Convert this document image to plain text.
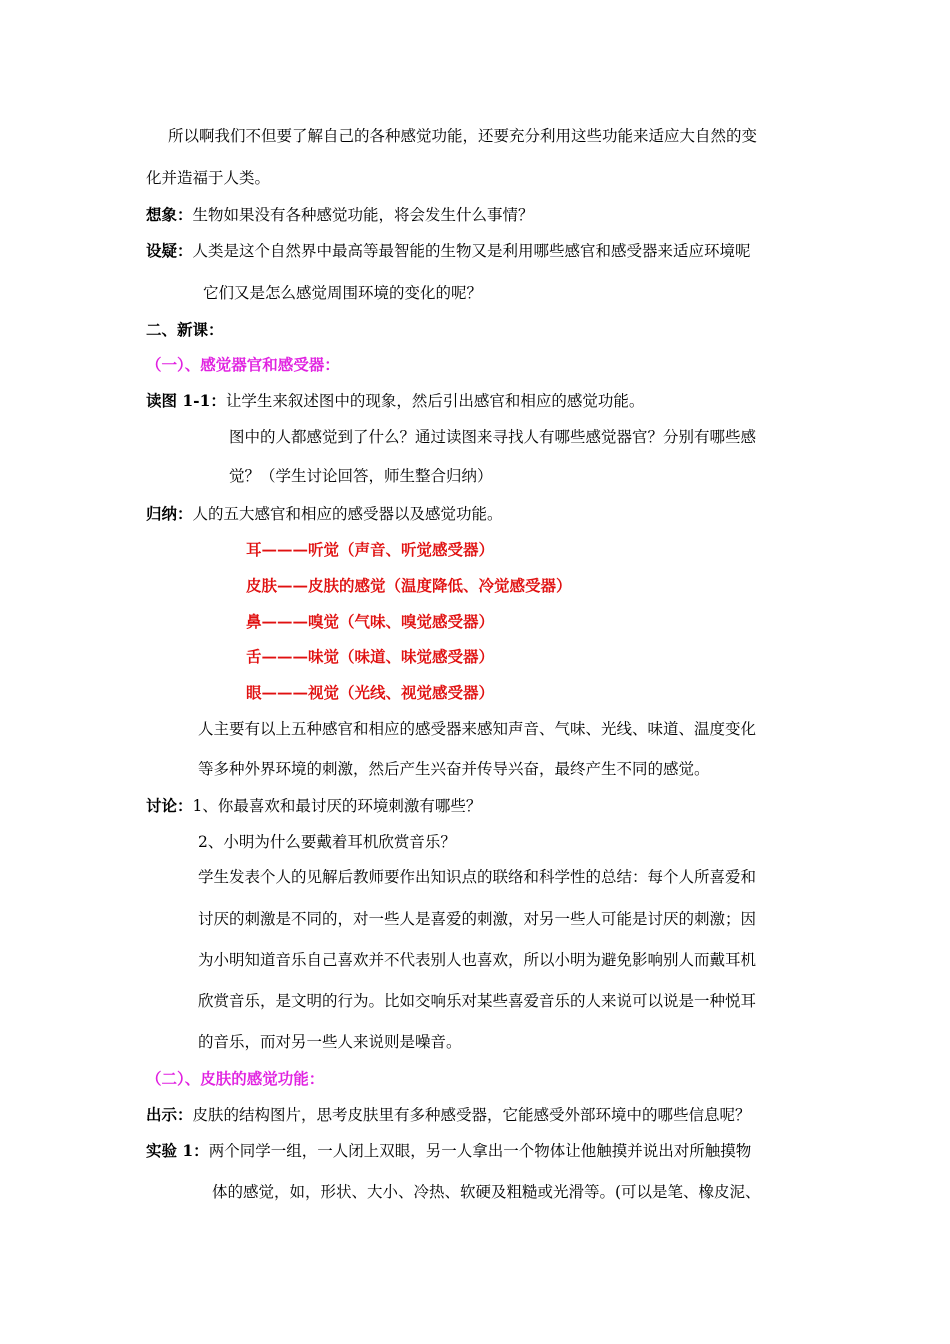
所以啊我们不但要了解自己的各种感觉功能，还要充分利用这些功能来适应大自然的变
化并造福于人类。
想象：生物如果没有各种感觉功能，将会发生什么事情？
设疑：人类是这个自然界中最高等最智能的生物又是利用哪些感官和感受器来适应环境呢
它们又是怎么感觉周围环境的变化的呢？
二、新课：
（一）、感觉器官和感受器：
读图 1-1：让学生来叙述图中的现象，然后引出感官和相应的感觉功能。
图中的人都感觉到了什么？通过读图来寻找人有哪些感觉器官？分别有哪些感
觉？（学生讨论回答，师生整合归纳）
归纳：人的五大感官和相应的感受器以及感觉功能。
耳———听觉（声音、听觉感受器）
皮肤——皮肤的感觉（温度降低、冷觉感受器）
鼻———嗅觉（气味、嗅觉感受器）
舌———味觉（味道、味觉感受器）
眼———视觉（光线、视觉感受器）
人主要有以上五种感官和相应的感受器来感知声音、气味、光线、味道、温度变化
等多种外界环境的刺激，然后产生兴奋并传导兴奋，最终产生不同的感觉。
讨论：1、你最喜欢和最讨厌的环境刺激有哪些？
2、小明为什么要戴着耳机欣赏音乐？
学生发表个人的见解后教师要作出知识点的联络和科学性的总结：每个人所喜爱和
讨厌的刺激是不同的，对一些人是喜爱的刺激，对另一些人可能是讨厌的刺激；因
为小明知道音乐自己喜欢并不代表别人也喜欢，所以小明为避免影响别人而戴耳机
欣赏音乐，是文明的行为。比如交响乐对某些喜爱音乐的人来说可以说是一种悦耳
的音乐，而对另一些人来说则是噪音。
（二）、皮肤的感觉功能：
出示：皮肤的结构图片，思考皮肤里有多种感受器，它能感受外部环境中的哪些信息呢？
实验 1：两个同学一组，一人闭上双眼，另一人拿出一个物体让他触摸并说出对所触摸物
体的感觉，如，形状、大小、冷热、软硬及粗糙或光滑等。(可以是笔、橡皮泥、
